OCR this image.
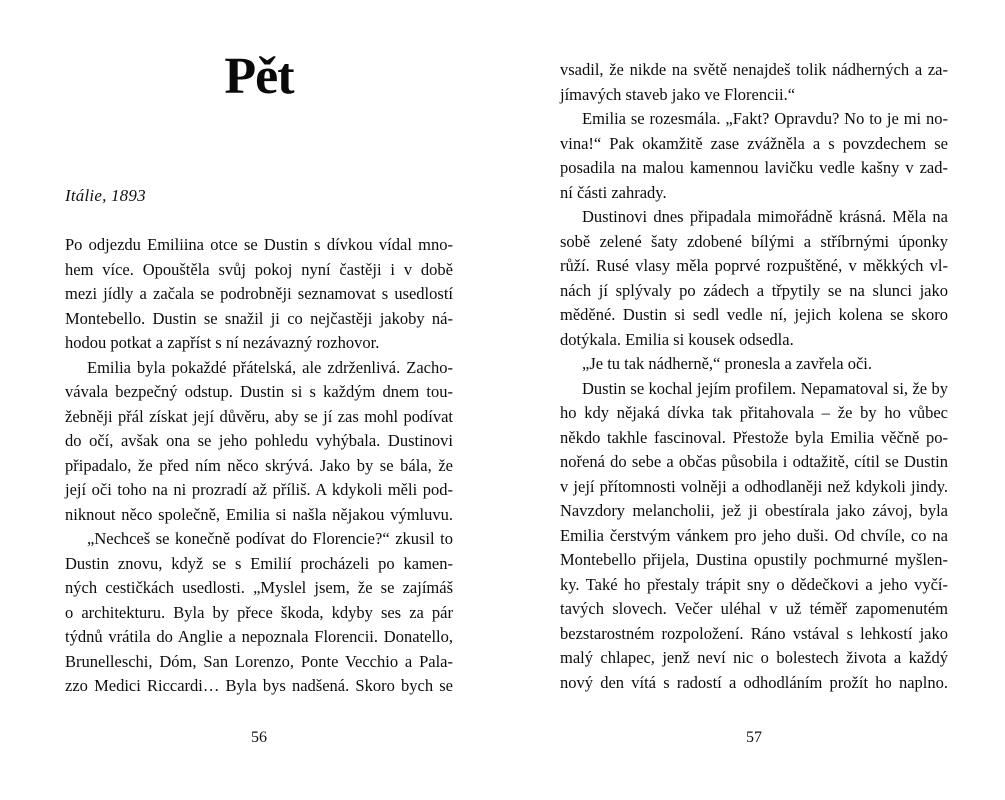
Pět
Itálie, 1893
Po odjezdu Emiliina otce se Dustin s dívkou vídal mno-
hem více. Opouštěla svůj pokoj nyní častěji i v době
mezi jídly a začala se podrobněji seznamovat s usedlostí
Montebello. Dustin se snažil ji co nejčastěji jakoby ná-
hodou potkat a zapříst s ní nezávazný rozhovor.
Emilia byla pokaždé přátelská, ale zdrženlivá. Zacho-
vávala bezpečný odstup. Dustin si s každým dnem tou-
žebněji přál získat její důvěru, aby se jí zas mohl podívat
do očí, avšak ona se jeho pohledu vyhýbala. Dustinovi
připadalo, že před ním něco skrývá. Jako by se bála, že
její oči toho na ni prozradí až příliš. A kdykoli měli pod-
niknout něco společně, Emilia si našla nějakou výmluvu.
„Nechceš se konečně podívat do Florencie?“ zkusil to
Dustin znovu, když se s Emilií procházeli po kamen-
ných cestičkách usedlosti. „Myslel jsem, že se zajímáš
o architekturu. Byla by přece škoda, kdyby ses za pár
týdnů vrátila do Anglie a nepoznala Florencii. Donatello,
Brunelleschi, Dóm, San Lorenzo, Ponte Vecchio a Pala-
zzo Medici Riccardi… Byla bys nadšená. Skoro bych se
56
vsadil, že nikde na světě nenajdeš tolik nádherných a za-
jímavých staveb jako ve Florencii.“
Emilia se rozesmála. „Fakt? Opravdu? No to je mi no-
vina!“ Pak okamžitě zase zvážněla a s povzdechem se
posadila na malou kamennou lavičku vedle kašny v zad-
ní části zahrady.
Dustinovi dnes připadala mimořádně krásná. Měla na
sobě zelené šaty zdobené bílými a stříbrnými úponky
růží. Rusé vlasy měla poprvé rozpuštěné, v měkkých vl-
nách jí splývaly po zádech a třpytily se na slunci jako
měděné. Dustin si sedl vedle ní, jejich kolena se skoro
dotýkala. Emilia si kousek odsedla.
„Je tu tak nádherně,“ pronesla a zavřela oči.
Dustin se kochal jejím profilem. Nepamatoval si, že by
ho kdy nějaká dívka tak přitahovala – že by ho vůbec
někdo takhle fascinoval. Přestože byla Emilia věčně po-
nořená do sebe a občas působila i odtažitě, cítil se Dustin
v její přítomnosti volněji a odhodlaněji než kdykoli jindy.
Navzdory melancholii, jež ji obestírala jako závoj, byla
Emilia čerstvým vánkem pro jeho duši. Od chvíle, co na
Montebello přijela, Dustina opustily pochmurné myšlen-
ky. Také ho přestaly trápit sny o dědečkovi a jeho vyčí-
tavých slovech. Večer uléhal v už téměř zapomenutém
bezstarostném rozpoložení. Ráno vstával s lehkostí jako
malý chlapec, jenž neví nic o bolestech života a každý
nový den vítá s radostí a odhodláním prožít ho naplno.
57
